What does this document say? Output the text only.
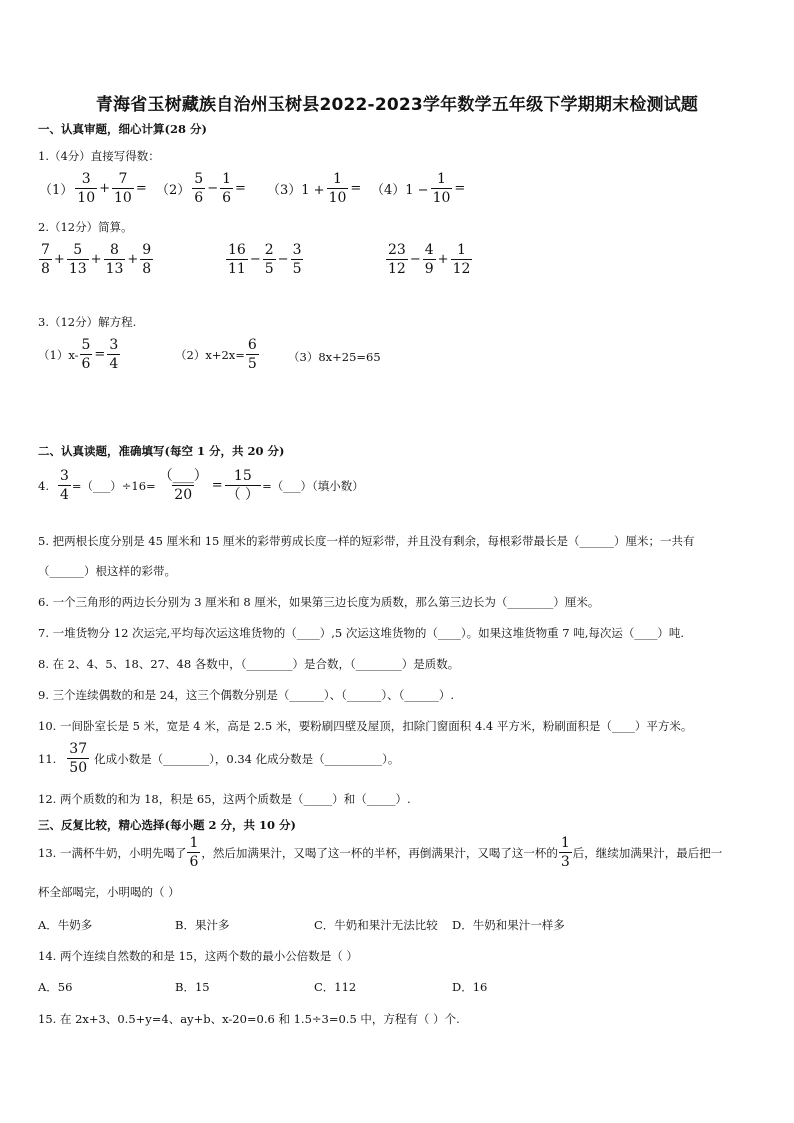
青海省玉树藏族自治州玉树县2022-2023学年数学五年级下学期期末检测试题
一、认真审题，细心计算(28 分)
1.（4分）直接写得数：
$(1) \frac{3}{10} + \frac{7}{10} = (2) \frac{5}{6} - \frac{1}{6} = (3)1 + \frac{1}{10} = (4)1 - \frac{1}{10}$ =
2.（12分）简算。
$\frac{7}{8} + \frac{5}{13} + \frac{8}{13} + \frac{9}{8}$	$\frac{16}{11} - \frac{2}{5} - \frac{3}{5}$	$\frac{23}{12} - \frac{4}{9} + \frac{1}{12}$
3.（12分）解方程.
$(1)x- \frac{5}{6} = \frac{3}{4}$	$(2)x+2x= \frac{6}{5}$	（3）8x+25=65
二、认真读题，准确填写(每空 1 分，共 20 分)
4. $\frac{3}{4}$ =（___）÷16= $\frac{(\_\_\_)}{20} = \frac{15}{( )}$ =（___）（填小数）
5. 把两根长度分别是 45 厘米和 15 厘米的彩带剪成长度一样的短彩带，并且没有剩余，每根彩带最长是（______）厘米；一共有
（______）根这样的彩带。
6. 一个三角形的两边长分别为 3 厘米和 8 厘米，如果第三边长度为质数，那么第三边长为（________）厘米。
7. 一堆货物分 12 次运完,平均每次运这堆货物的（____）,5 次运这堆货物的（____）。如果这堆货物重 7 吨,每次运（____）吨.
8. 在 2、4、5、18、27、48 各数中，（________）是合数，（________）是质数。
9. 三个连续偶数的和是 24，这三个偶数分别是（______）、（______）、（______）.
10. 一间卧室长是 5 米，宽是 4 米，高是 2.5 米，要粉刷四壁及屋顶，扣除门窗面积 4.4 平方米，粉刷面积是（____）平方米。
11. $\frac{37}{50}$ 化成小数是（________），0.34 化成分数是（__________）。
12. 两个质数的和为 18，积是 65，这两个质数是（_____）和（_____）.
三、反复比较，精心选择(每小题 2 分，共 10 分)
13. 一满杯牛奶，小明先喝了 $\frac{1}{6}$ ，然后加满果汁，又喝了这一杯的半杯，再倒满果汁，又喝了这一杯的 $\frac{1}{3}$ 后，继续加满果汁，最后把一
杯全部喝完，小明喝的（ ）
A．牛奶多	B．果汁多	C．牛奶和果汁无法比较 D．牛奶和果汁一样多
14. 两个连续自然数的和是 15，这两个数的最小公倍数是（ ）
A．56	B．15	C．112	D．16
15. 在 2x+3、0.5+y=4、ay+b、x-20=0.6 和 1.5÷3=0.5 中，方程有（ ）个.
